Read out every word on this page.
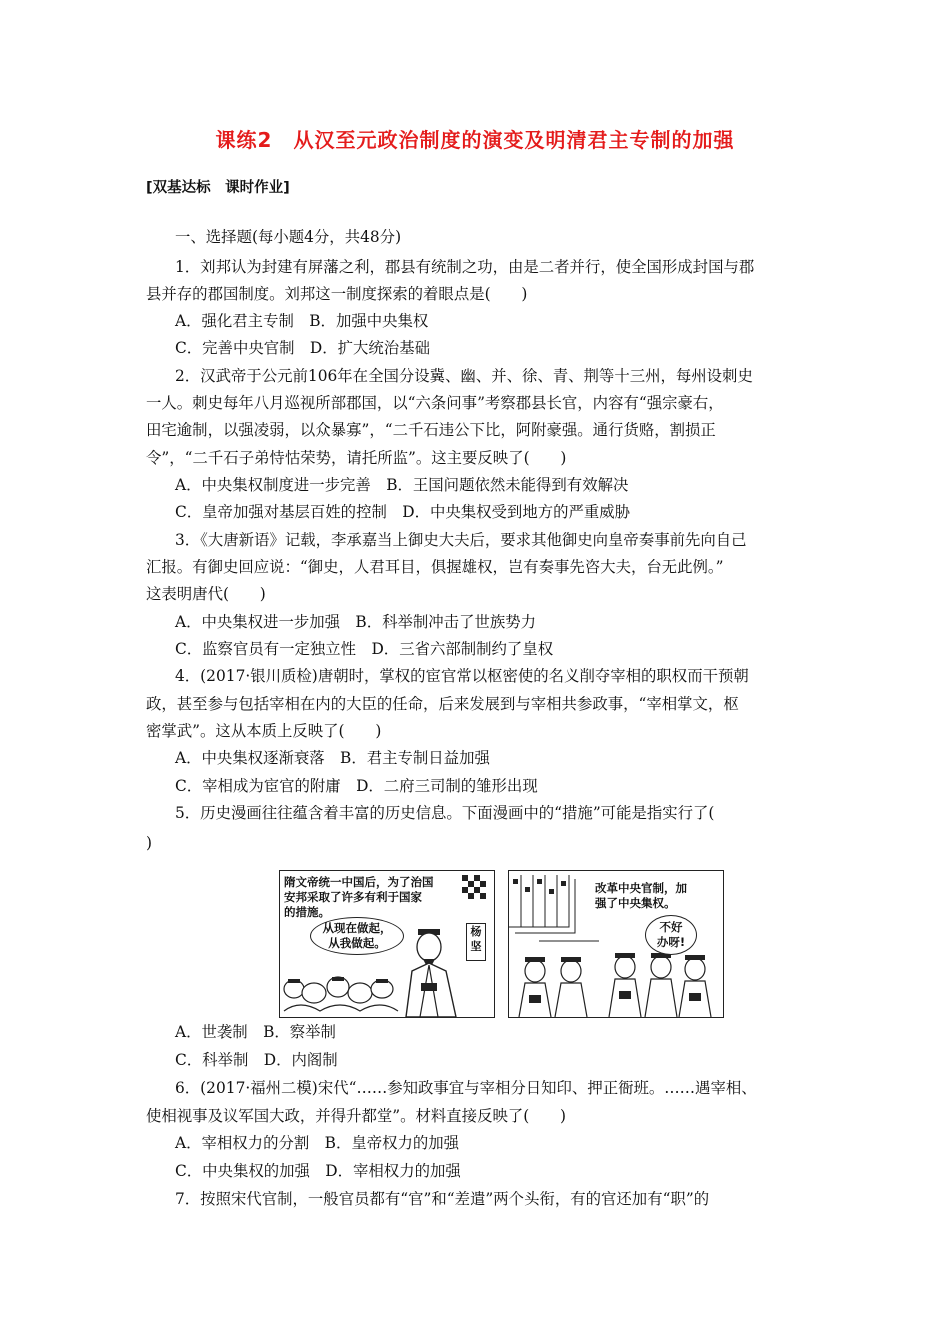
课练2　从汉至元政治制度的演变及明清君主专制的加强
[双基达标　课时作业]
一、选择题(每小题4分，共48分)
1．刘邦认为封建有屏藩之利，郡县有统制之功，由是二者并行，使全国形成封国与郡
县并存的郡国制度。刘邦这一制度探索的着眼点是(　　)
A．强化君主专制　B．加强中央集权
C．完善中央官制　D．扩大统治基础
2．汉武帝于公元前106年在全国分设冀、幽、并、徐、青、荆等十三州，每州设刺史
一人。刺史每年八月巡视所部郡国，以“六条问事”考察郡县长官，内容有“强宗豪右，
田宅逾制，以强凌弱，以众暴寡”，“二千石违公下比，阿附豪强。通行货赂，割损正
令”，“二千石子弟恃怙荣势，请托所监”。这主要反映了(　　)
A．中央集权制度进一步完善　B．王国问题依然未能得到有效解决
C．皇帝加强对基层百姓的控制　D．中央集权受到地方的严重威胁
3．《大唐新语》记载，李承嘉当上御史大夫后，要求其他御史向皇帝奏事前先向自己
汇报。有御史回应说：“御史，人君耳目，俱握雄权，岂有奏事先咨大夫，台无此例。”
这表明唐代(　　)
A．中央集权进一步加强　B．科举制冲击了世族势力
C．监察官员有一定独立性　D．三省六部制制约了皇权
4．(2017·银川质检)唐朝时，掌权的宦官常以枢密使的名义削夺宰相的职权而干预朝
政，甚至参与包括宰相在内的大臣的任命，后来发展到与宰相共参政事，“宰相掌文，枢
密掌武”。这从本质上反映了(　　)
A．中央集权逐渐衰落　B．君主专制日益加强
C．宰相成为宦官的附庸　D．二府三司制的雏形出现
5．历史漫画往往蕴含着丰富的历史信息。下面漫画中的“措施”可能是指实行了(
)
隋文帝统一中国后，为了治国
安邦采取了许多有利于国家
的措施。
从现在做起，
从我做起。
杨
坚
改革中央官制，加
强了中央集权。
不好
办呀!
A．世袭制　B．察举制
C．科举制　D．内阁制
6．(2017·福州二模)宋代“……参知政事宜与宰相分日知印、押正衙班。……遇宰相、
使相视事及议军国大政，并得升都堂”。材料直接反映了(　　)
A．宰相权力的分割　B．皇帝权力的加强
C．中央集权的加强　D．宰相权力的加强
7．按照宋代官制，一般官员都有“官”和“差遣”两个头衔，有的官还加有“职”的
